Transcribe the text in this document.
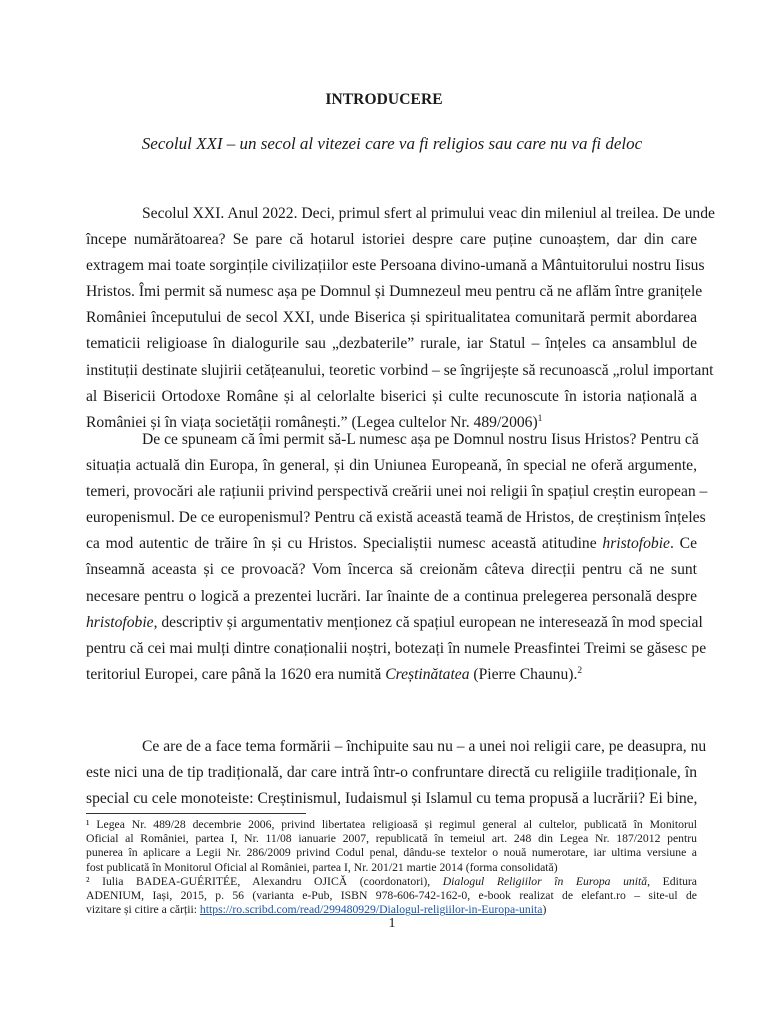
INTRODUCERE
Secolul XXI – un secol al vitezei care va fi religios sau care nu va fi deloc
Secolul XXI. Anul 2022. Deci, primul sfert al primului veac din mileniul al treilea. De unde
începe numărătoarea? Se pare că hotarul istoriei despre care puține cunoaștem, dar din care
extragem mai toate sorgințile civilizațiilor este Persoana divino-umană a Mântuitorului nostru Iisus
Hristos. Îmi permit să numesc așa pe Domnul și Dumnezeul meu pentru că ne aflăm între granițele
României începutului de secol XXI, unde Biserica și spiritualitatea comunitară permit abordarea
tematicii religioase în dialogurile sau „dezbaterile” rurale, iar Statul – înțeles ca ansamblul de
instituții destinate slujirii cetățeanului, teoretic vorbind – se îngrijește să recunoască „rolul important
al Bisericii Ortodoxe Române și al celorlalte biserici și culte recunoscute în istoria națională a
României și în viața societății românești.” (Legea cultelor Nr. 489/2006)$^1$
De ce spuneam că îmi permit să-L numesc așa pe Domnul nostru Iisus Hristos? Pentru că
situația actuală din Europa, în general, și din Uniunea Europeană, în special ne oferă argumente,
temeri, provocări ale rațiunii privind perspectivă creării unei noi religii în spațiul creștin european –
europenismul. De ce europenismul? Pentru că există această teamă de Hristos, de creștinism înțeles
ca mod autentic de trăire în și cu Hristos. Specialiștii numesc această atitudine hristofobie. Ce
înseamnă aceasta și ce provoacă? Vom încerca să creionăm câteva direcții pentru că ne sunt
necesare pentru o logică a prezentei lucrări. Iar înainte de a continua prelegerea personală despre
hristofobie, descriptiv și argumentativ menționez că spațiul european ne interesează în mod special
pentru că cei mai mulți dintre conaționalii noștri, botezați în numele Preasfintei Treimi se găsesc pe
teritoriul Europei, care până la 1620 era numită Creștinătatea (Pierre Chaunu).$^2$
Ce are de a face tema formării – închipuite sau nu – a unei noi religii care, pe deasupra, nu
este nici una de tip tradițională, dar care intră într-o confruntare directă cu religiile tradiționale, în
special cu cele monoteiste: Creștinismul, Iudaismul și Islamul cu tema propusă a lucrării? Ei bine,
¹ Legea Nr. 489/28 decembrie 2006, privind libertatea religioasă și regimul general al cultelor, publicată în Monitorul
Oficial al României, partea I, Nr. 11/08 ianuarie 2007, republicată în temeiul art. 248 din Legea Nr. 187/2012 pentru
punerea în aplicare a Legii Nr. 286/2009 privind Codul penal, dându-se textelor o nouă numerotare, iar ultima versiune a
fost publicată în Monitorul Oficial al României, partea I, Nr. 201/21 martie 2014 (forma consolidată)
² Iulia BADEA-GUÉRITÉE, Alexandru OJICĂ (coordonatori), Dialogul Religiilor în Europa unită, Editura
ADENIUM, Iași, 2015, p. 56 (varianta e-Pub, ISBN 978-606-742-162-0, e-book realizat de elefant.ro – site-ul de
vizitare și citire a cărții: https://ro.scribd.com/read/299480929/Dialogul-religiilor-in-Europa-unita)
1
